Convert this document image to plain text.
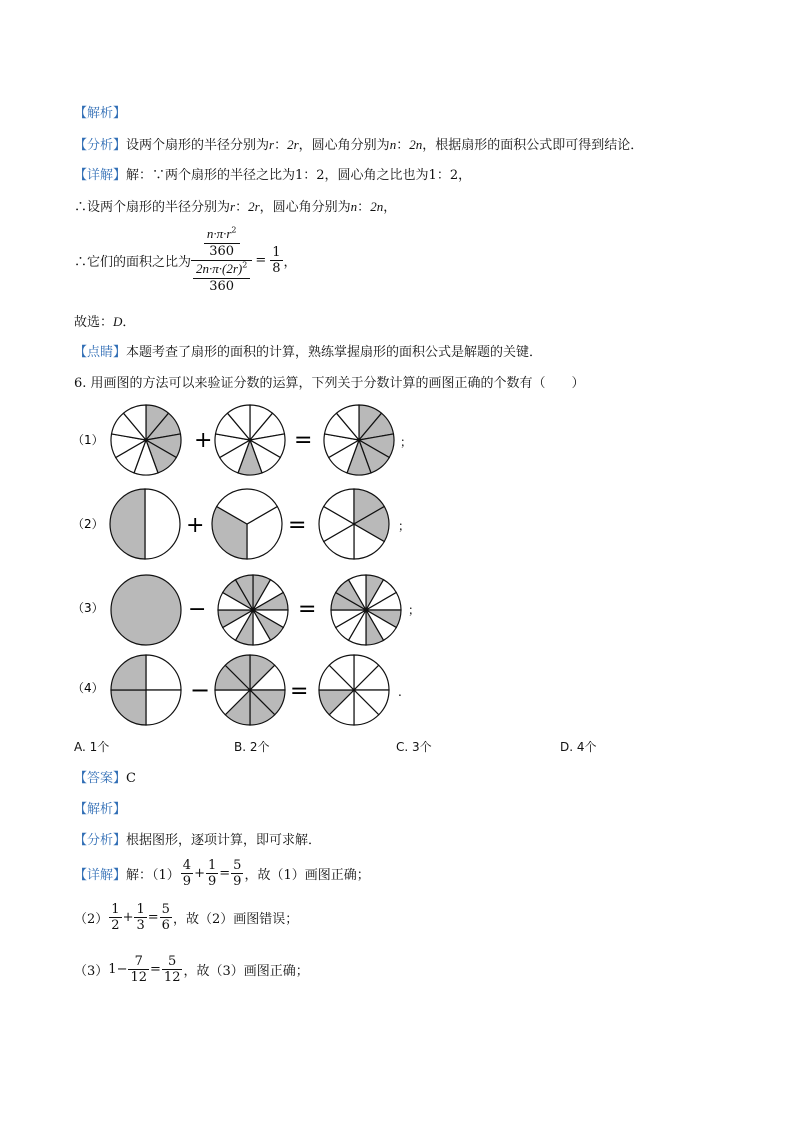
【解析】
【分析】设两个扇形的半径分别为r：2r，圆心角分别为n：2n，根据扇形的面积公式即可得到结论．
【详解】解：∵两个扇形的半径之比为1：2，圆心角之比也为1：2，
∴设两个扇形的半径分别为r：2r，圆心角分别为n：2n，
∴它们的面积之比为 $\frac{\frac{n\cdot\pi\cdot r^2}{360}}{\frac{2n\cdot\pi\cdot(2r)^2}{360}} = \frac{1}{8}$ ，
故选：D．
【点睛】本题考查了扇形的面积的计算，熟练掌握扇形的面积公式是解题的关键．
6. 用画图的方法可以来验证分数的运算，下列关于分数计算的画图正确的个数有（　　）
（1）	+	=	；
（2）	+	=	；
（3）	−	=	；
（4）	−	=	.
A. 1个	B. 2个	C. 3个	D. 4个
【答案】C
【解析】
【分析】根据图形，逐项计算，即可求解．
【详解】解：$(1) \frac{4}{9} + \frac{1}{9} = \frac{5}{9}$ ，故（1）画图正确；
$(2) \frac{1}{2} + \frac{1}{3} = \frac{5}{6}$ ，故（2）画图错误；
$(3)1- \frac{7}{12} = \frac{5}{12}$ ，故（3）画图正确；
